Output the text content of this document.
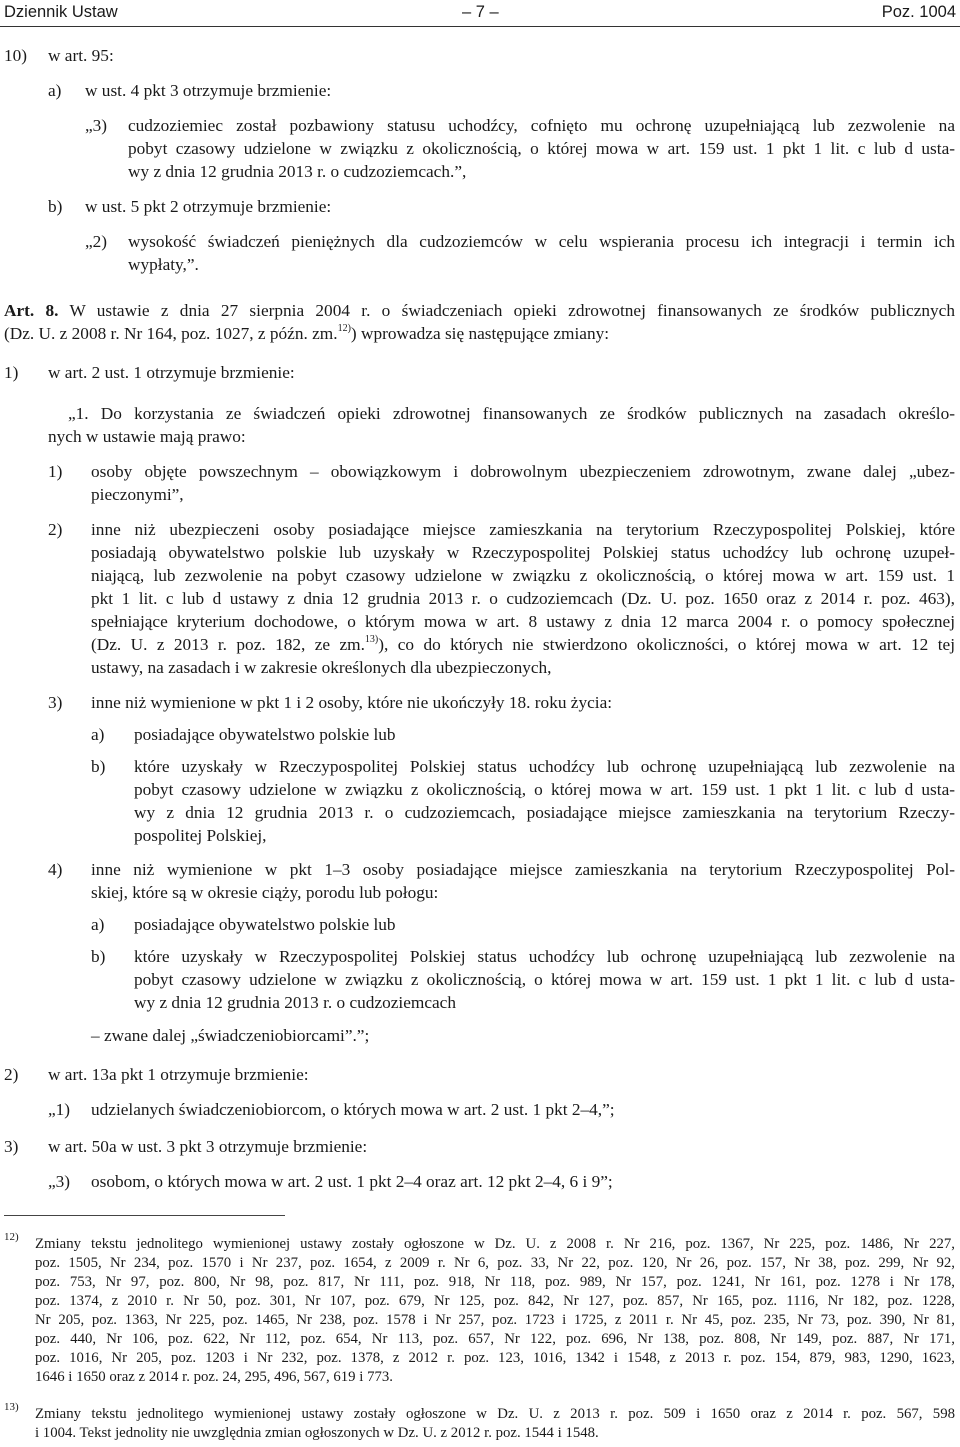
Dziennik Ustaw	– 7 –	Poz. 1004
10) w art. 95:
a) w ust. 4 pkt 3 otrzymuje brzmienie:
„3) cudzoziemiec został pozbawiony statusu uchodźcy, cofnięto mu ochronę uzupełniającą lub zezwolenie na
pobyt czasowy udzielone w związku z okolicznością, o której mowa w art. 159 ust. 1 pkt 1 lit. c lub d usta-
wy z dnia 12 grudnia 2013 r. o cudzoziemcach.”,
b) w ust. 5 pkt 2 otrzymuje brzmienie:
„2) wysokość świadczeń pieniężnych dla cudzoziemców w celu wspierania procesu ich integracji i termin ich
wypłaty,”.
Art. 8. W ustawie z dnia 27 sierpnia 2004 r. o świadczeniach opieki zdrowotnej finansowanych ze środków publicznych
(Dz. U. z 2008 r. Nr 164, poz. 1027, z późn. zm.$^{12)}$) wprowadza się następujące zmiany:
1) w art. 2 ust. 1 otrzymuje brzmienie:
„1. Do korzystania ze świadczeń opieki zdrowotnej finansowanych ze środków publicznych na zasadach określo-
nych w ustawie mają prawo:
1) osoby objęte powszechnym – obowiązkowym i dobrowolnym ubezpieczeniem zdrowotnym, zwane dalej „ubez-
pieczonymi”,
2) inne niż ubezpieczeni osoby posiadające miejsce zamieszkania na terytorium Rzeczypospolitej Polskiej, które
posiadają obywatelstwo polskie lub uzyskały w Rzeczypospolitej Polskiej status uchodźcy lub ochronę uzupeł-
niającą, lub zezwolenie na pobyt czasowy udzielone w związku z okolicznością, o której mowa w art. 159 ust. 1
pkt 1 lit. c lub d ustawy z dnia 12 grudnia 2013 r. o cudzoziemcach (Dz. U. poz. 1650 oraz z 2014 r. poz. 463),
spełniające kryterium dochodowe, o którym mowa w art. 8 ustawy z dnia 12 marca 2004 r. o pomocy społecznej
(Dz. U. z 2013 r. poz. 182, ze zm.$^{13)}$), co do których nie stwierdzono okoliczności, o której mowa w art. 12 tej
ustawy, na zasadach i w zakresie określonych dla ubezpieczonych,
3) inne niż wymienione w pkt 1 i 2 osoby, które nie ukończyły 18. roku życia:
a) posiadające obywatelstwo polskie lub
b) które uzyskały w Rzeczypospolitej Polskiej status uchodźcy lub ochronę uzupełniającą lub zezwolenie na
pobyt czasowy udzielone w związku z okolicznością, o której mowa w art. 159 ust. 1 pkt 1 lit. c lub d usta-
wy z dnia 12 grudnia 2013 r. o cudzoziemcach, posiadające miejsce zamieszkania na terytorium Rzeczy-
pospolitej Polskiej,
4) inne niż wymienione w pkt 1–3 osoby posiadające miejsce zamieszkania na terytorium Rzeczypospolitej Pol-
skiej, które są w okresie ciąży, porodu lub połogu:
a) posiadające obywatelstwo polskie lub
b) które uzyskały w Rzeczypospolitej Polskiej status uchodźcy lub ochronę uzupełniającą lub zezwolenie na
pobyt czasowy udzielone w związku z okolicznością, o której mowa w art. 159 ust. 1 pkt 1 lit. c lub d usta-
wy z dnia 12 grudnia 2013 r. o cudzoziemcach
– zwane dalej „świadczeniobiorcami”.”;
2) w art. 13a pkt 1 otrzymuje brzmienie:
„1) udzielanych świadczeniobiorcom, o których mowa w art. 2 ust. 1 pkt 2–4,”;
3) w art. 50a w ust. 3 pkt 3 otrzymuje brzmienie:
„3) osobom, o których mowa w art. 2 ust. 1 pkt 2–4 oraz art. 12 pkt 2–4, 6 i 9”;
12) Zmiany tekstu jednolitego wymienionej ustawy zostały ogłoszone w Dz. U. z 2008 r. Nr 216, poz. 1367, Nr 225, poz. 1486, Nr 227,
poz. 1505, Nr 234, poz. 1570 i Nr 237, poz. 1654, z 2009 r. Nr 6, poz. 33, Nr 22, poz. 120, Nr 26, poz. 157, Nr 38, poz. 299, Nr 92,
poz. 753, Nr 97, poz. 800, Nr 98, poz. 817, Nr 111, poz. 918, Nr 118, poz. 989, Nr 157, poz. 1241, Nr 161, poz. 1278 i Nr 178,
poz. 1374, z 2010 r. Nr 50, poz. 301, Nr 107, poz. 679, Nr 125, poz. 842, Nr 127, poz. 857, Nr 165, poz. 1116, Nr 182, poz. 1228,
Nr 205, poz. 1363, Nr 225, poz. 1465, Nr 238, poz. 1578 i Nr 257, poz. 1723 i 1725, z 2011 r. Nr 45, poz. 235, Nr 73, poz. 390, Nr 81,
poz. 440, Nr 106, poz. 622, Nr 112, poz. 654, Nr 113, poz. 657, Nr 122, poz. 696, Nr 138, poz. 808, Nr 149, poz. 887, Nr 171,
poz. 1016, Nr 205, poz. 1203 i Nr 232, poz. 1378, z 2012 r. poz. 123, 1016, 1342 i 1548, z 2013 r. poz. 154, 879, 983, 1290, 1623,
1646 i 1650 oraz z 2014 r. poz. 24, 295, 496, 567, 619 i 773.
13) Zmiany tekstu jednolitego wymienionej ustawy zostały ogłoszone w Dz. U. z 2013 r. poz. 509 i 1650 oraz z 2014 r. poz. 567, 598
i 1004. Tekst jednolity nie uwzględnia zmian ogłoszonych w Dz. U. z 2012 r. poz. 1544 i 1548.
